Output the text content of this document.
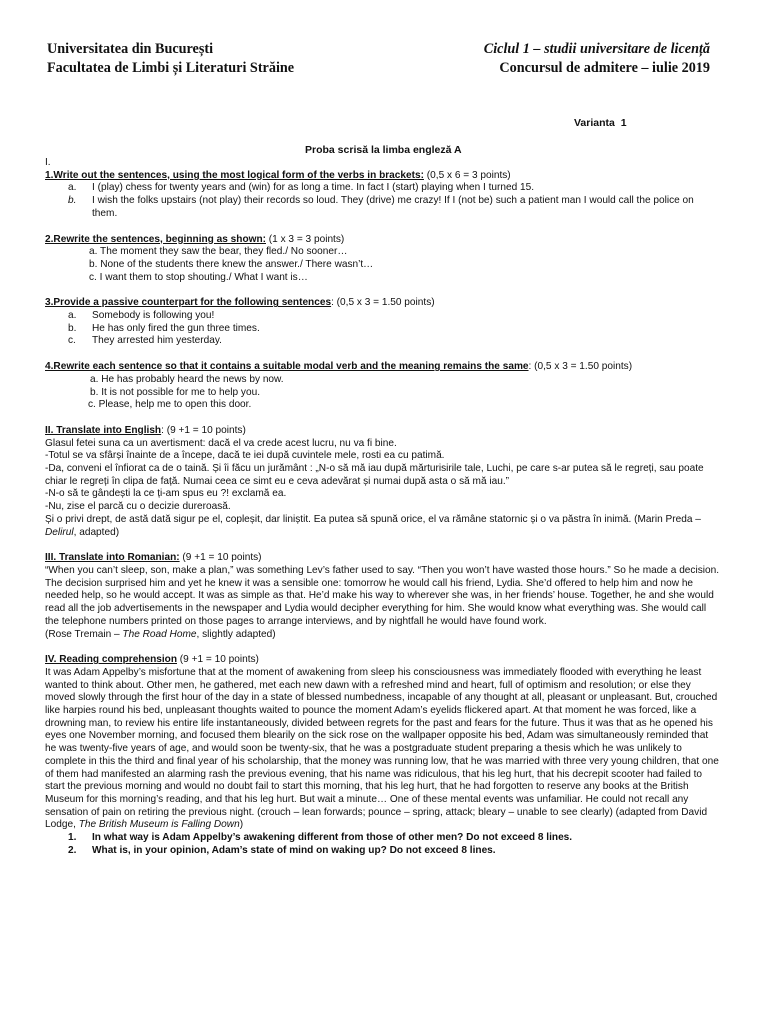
Universitatea din București
Facultatea de Limbi și Literaturi Străine
Ciclul 1 – studii universitare de licență
Concursul de admitere – iulie 2019
Varianta  1
Proba scrisă la limba engleză A

I.

1.Write out the sentences, using the most logical form of the verbs in brackets: (0,5 x 6 = 3 points)

a.	I (play) chess for twenty years and (win) for as long a time. In fact I (start) playing when I turned 15.
b.	I wish the folks upstairs (not play) their records so loud. They (drive) me crazy! If I (not be) such a patient man I would call the police on them.

2.Rewrite the sentences, beginning as shown: (1 x 3 = 3 points)

a. The moment they saw the bear, they fled./ No sooner…

b. None of the students there knew the answer./ There wasn’t…

c. I want them to stop shouting./ What I want is…

3.Provide a passive counterpart for the following sentences: (0,5 x 3 = 1.50 points)

a.	Somebody is following you!
b.	He has only fired the gun three times.
c.	They arrested him yesterday.

4.Rewrite each sentence so that it contains a suitable modal verb and the meaning remains the same: (0,5 x 3 = 1.50 points)

a. He has probably heard the news by now.

b. It is not possible for me to help you.

c. Please, help me to open this door.

II. Translate into English: (9 +1 = 10 points)

Glasul fetei suna ca un avertisment: dacă el va crede acest lucru, nu va fi bine.

-Totul se va sfârși înainte de a începe, dacă te iei după cuvintele mele, rosti ea cu patimă.

-Da, conveni el înfiorat ca de o taină. Și îi făcu un jurământ : „N-o să mă iau după mărturisirile tale, Luchi, pe care s-ar putea să le regreți, sau poate chiar le regreți în clipa de față. Numai ceea ce simt eu e ceva adevărat și numai după asta o să mă iau.”

-N-o să te gândești la ce ți-am spus eu ?! exclamă ea.

-Nu, zise el parcă cu o decizie dureroasă.

Și o privi drept, de astă dată sigur pe el, copleșit, dar liniștit. Ea putea să spună orice, el va rămâne statornic și o va păstra în inimă. (Marin Preda – Delirul, adapted)

III. Translate into Romanian: (9 +1 = 10 points)

“When you can’t sleep, son, make a plan,” was something Lev’s father used to say. “Then you won’t have wasted those hours.” So he made a decision. The decision surprised him and yet he knew it was a sensible one: tomorrow he would call his friend, Lydia. She’d offered to help him and now he needed help, so he would accept. It was as simple as that. He’d make his way to wherever she was, in her friends’ house. Together, he and she would read all the job advertisements in the newspaper and Lydia would decipher everything for him. She would know what everything was. She would call the telephone numbers printed on those pages to arrange interviews, and by nightfall he would have found work.

(Rose Tremain – The Road Home, slightly adapted)

IV. Reading comprehension (9 +1 = 10 points)

It was Adam Appelby’s misfortune that at the moment of awakening from sleep his consciousness was immediately flooded with everything he least wanted to think about. Other men, he gathered, met each new dawn with a refreshed mind and heart, full of optimism and resolution; or else they moved slowly through the first hour of the day in a state of blessed numbedness, incapable of any thought at all, pleasant or unpleasant. But, crouched like harpies round his bed, unpleasant thoughts waited to pounce the moment Adam’s eyelids flickered apart. At that moment he was forced, like a drowning man, to review his entire life instantaneously, divided between regrets for the past and fears for the future. Thus it was that as he opened his eyes one November morning, and focused them blearily on the sick rose on the wallpaper opposite his bed, Adam was simultaneously reminded that he was twenty-five years of age, and would soon be twenty-six, that he was a postgraduate student preparing a thesis which he was unlikely to complete in this the third and final year of his scholarship, that the money was running low, that he was married with three very young children, that one of them had manifested an alarming rash the previous evening, that his name was ridiculous, that his leg hurt, that his decrepit scooter had failed to start the previous morning and would no doubt fail to start this morning, that his leg hurt, that he had forgotten to reserve any books at the British Museum for this morning’s reading, and that his leg hurt. But wait a minute… One of these mental events was unfamiliar. He could not recall any sensation of pain on retiring the previous night. (crouch – lean forwards; pounce – spring, attack; bleary – unable to see clearly) (adapted from David Lodge, The British Museum is Falling Down)

1.	In what way is Adam Appelby’s awakening different from those of other men? Do not exceed 8 lines.
2.	What is, in your opinion, Adam’s state of mind on waking up? Do not exceed 8 lines.
